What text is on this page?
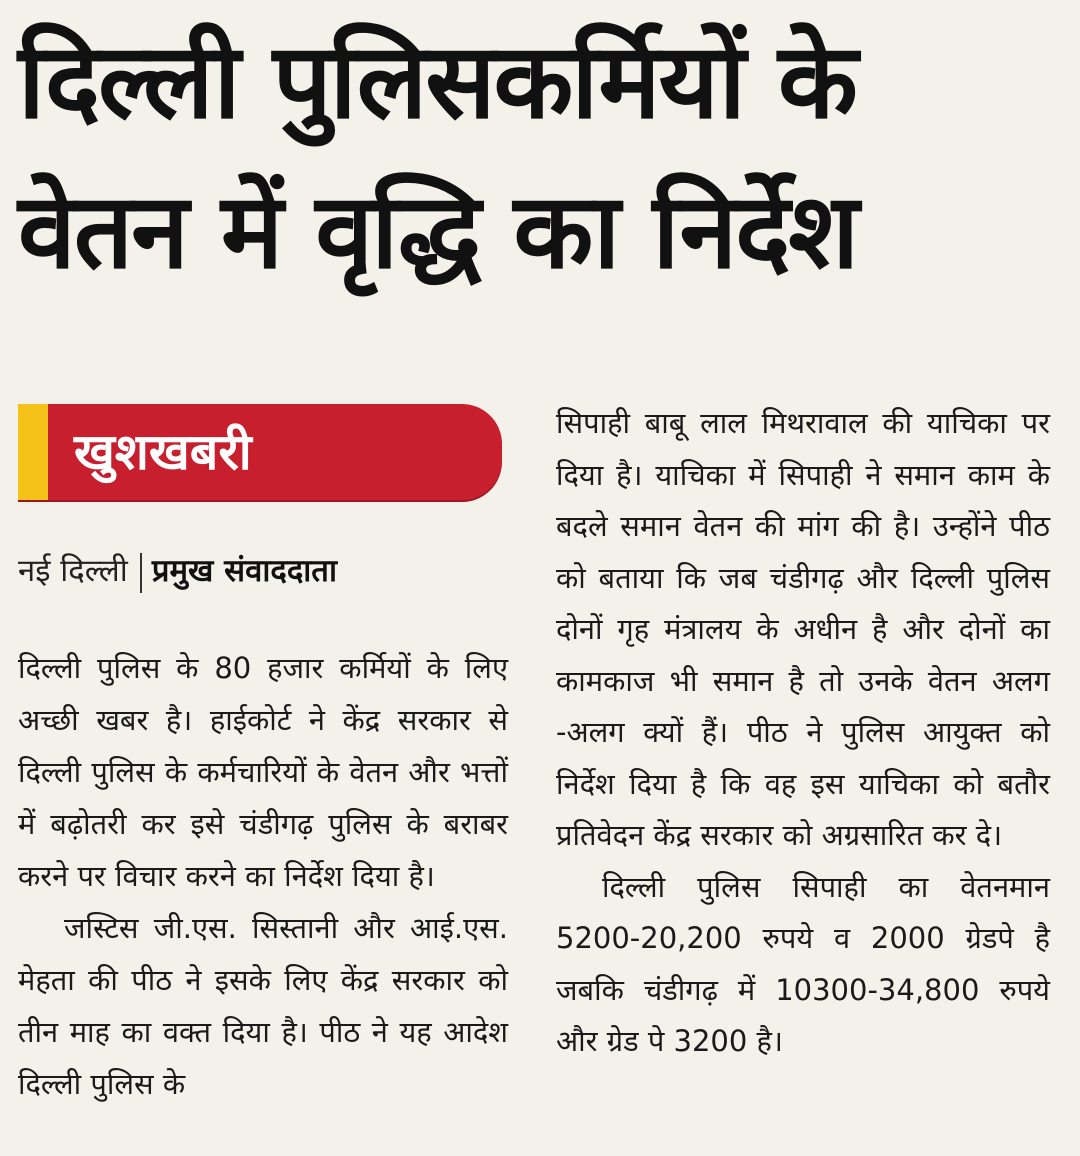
दिल्ली पुलिसकर्मियों के
वेतन में वृद्धि का निर्देश
खुशखबरी
नई दिल्ली प्रमुख संवाददाता

दिल्ली पुलिस के 80 हजार कर्मियों के लिए अच्छी खबर है। हाईकोर्ट ने केंद्र सरकार से दिल्ली पुलिस के कर्मचारियों के वेतन और भत्तों में बढ़ोतरी कर इसे चंडीगढ़ पुलिस के बराबर करने पर विचार करने का निर्देश दिया है।

जस्टिस जी.एस. सिस्तानी और आई.एस. मेहता की पीठ ने इसके लिए केंद्र सरकार को तीन माह का वक्त दिया है। पीठ ने यह आदेश दिल्ली पुलिस के

सिपाही बाबू लाल मिथरावाल की याचिका पर दिया है। याचिका में सिपाही ने समान काम के बदले समान वेतन की मांग की है। उन्होंने पीठ को बताया कि जब चंडीगढ़ और दिल्ली पुलिस दोनों गृह मंत्रालय के अधीन है और दोनों का कामकाज भी समान है तो उनके वेतन अलग -अलग क्यों हैं। पीठ ने पुलिस आयुक्त को निर्देश दिया है कि वह इस याचिका को बतौर प्रतिवेदन केंद्र सरकार को अग्रसारित कर दे।

दिल्ली पुलिस सिपाही का वेतनमान 5200-20,200 रुपये व 2000 ग्रेडपे है जबकि चंडीगढ़ में 10300-34,800 रुपये और ग्रेड पे 3200 है।
